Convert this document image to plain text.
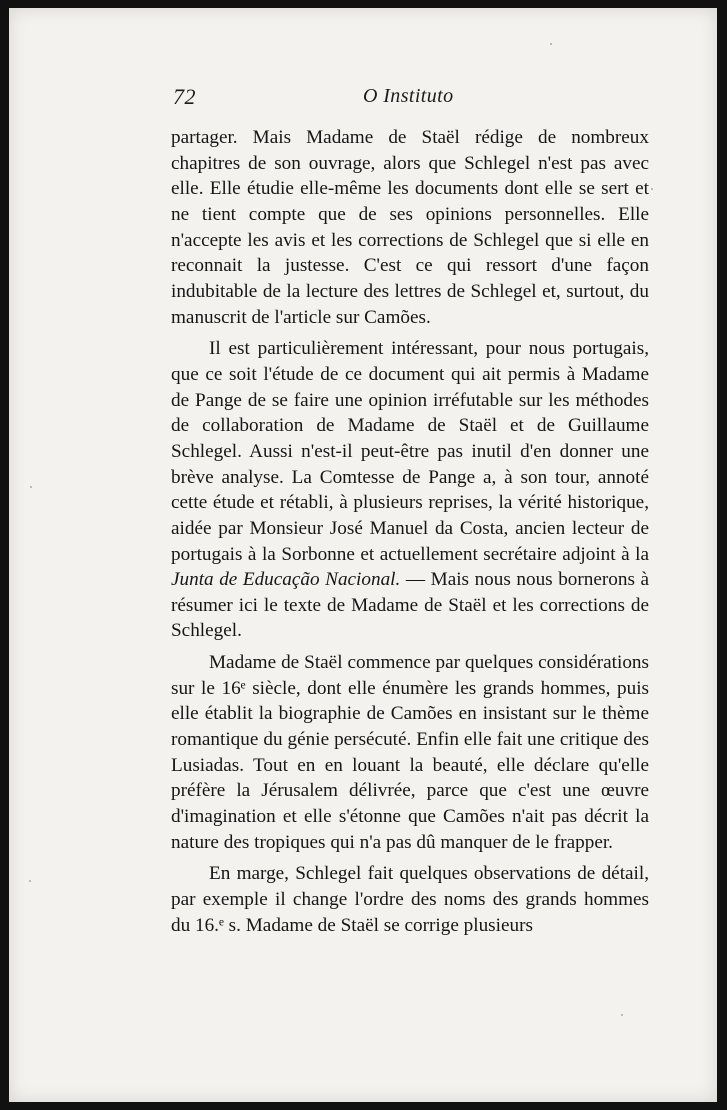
72	O Instituto

partager. Mais Madame de Staël rédige de nombreux chapitres de son ouvrage, alors que Schlegel n'est pas avec elle. Elle étudie elle-même les documents dont elle se sert et ne tient compte que de ses opinions personnelles. Elle n'accepte les avis et les corrections de Schlegel que si elle en reconnait la justesse. C'est ce qui ressort d'une façon indubitable de la lecture des lettres de Schlegel et, surtout, du manuscrit de l'article sur Camões.

Il est particulièrement intéressant, pour nous portugais, que ce soit l'étude de ce document qui ait permis à Madame de Pange de se faire une opinion irréfutable sur les méthodes de collaboration de Madame de Staël et de Guillaume Schlegel. Aussi n'est-il peut-être pas inutil d'en donner une brève analyse. La Comtesse de Pange a, à son tour, annoté cette étude et rétabli, à plusieurs reprises, la vérité historique, aidée par Monsieur José Manuel da Costa, ancien lecteur de portugais à la Sorbonne et actuellement secrétaire adjoint à la Junta de Educação Nacional. — Mais nous nous bornerons à résumer ici le texte de Madame de Staël et les corrections de Schlegel.

Madame de Staël commence par quelques considérations sur le 16ᵉ siècle, dont elle énumère les grands hommes, puis elle établit la biographie de Camões en insistant sur le thème romantique du génie persécuté. Enfin elle fait une critique des Lusiadas. Tout en en louant la beauté, elle déclare qu'elle préfère la Jérusalem délivrée, parce que c'est une œuvre d'imagination et elle s'étonne que Camões n'ait pas décrit la nature des tropiques qui n'a pas dû manquer de le frapper.

En marge, Schlegel fait quelques observations de détail, par exemple il change l'ordre des noms des grands hommes du 16.ᵉ s. Madame de Staël se corrige plusieurs
